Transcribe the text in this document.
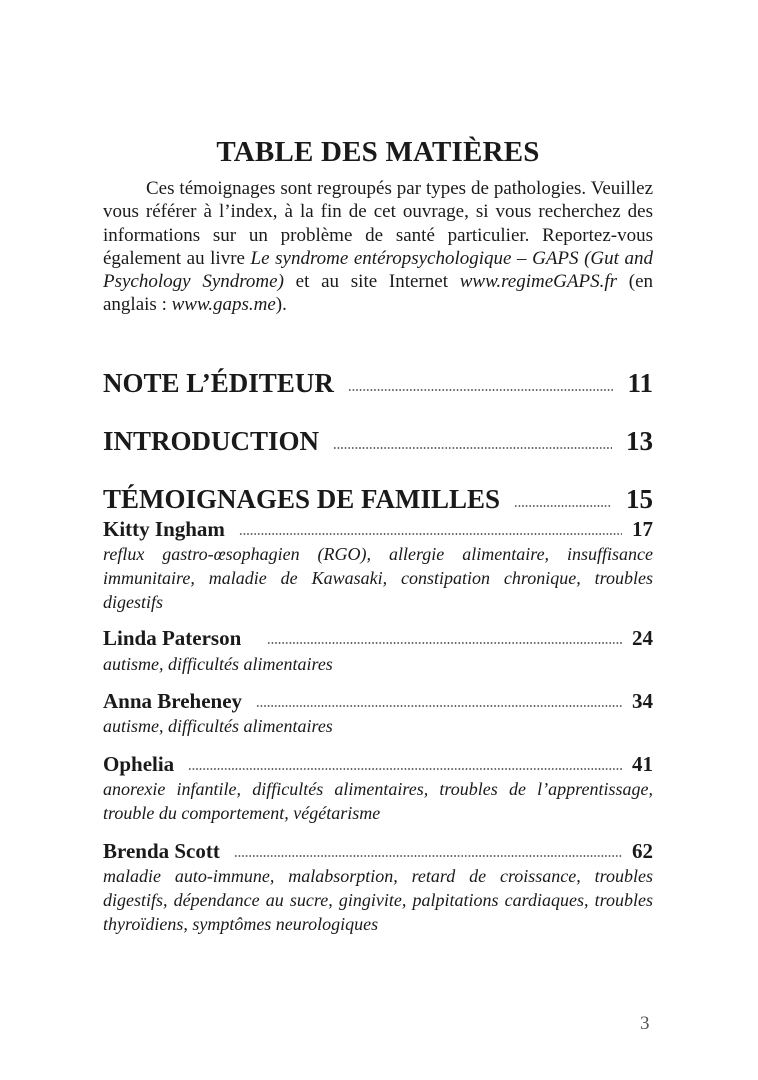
TABLE DES MATIÈRES

Ces témoignages sont regroupés par types de pathologies. Veuillez vous référer à l’index, à la fin de cet ouvrage, si vous recherchez des informations sur un problème de santé particulier. Reportez-vous également au livre Le syndrome entéropsychologique – GAPS (Gut and Psychology Syndrome) et au site Internet www.regimeGAPS.fr (en anglais : www.gaps.me).

NOTE L’ÉDITEUR	11
INTRODUCTION	13
TÉMOIGNAGES DE FAMILLES	15
Kitty Ingham	17

reflux gastro-œsophagien (RGO), allergie alimentaire, insuffisance immunitaire, maladie de Kawasaki, constipation chronique, troubles digestifs

Linda Paterson	24

autisme, difficultés alimentaires

Anna Breheney	34

autisme, difficultés alimentaires

Ophelia	41

anorexie infantile, difficultés alimentaires, troubles de l’apprentissage, trouble du comportement, végétarisme

Brenda Scott	62

maladie auto-immune, malabsorption, retard de croissance, troubles digestifs, dépendance au sucre, gingivite, palpitations cardiaques, troubles thyroïdiens, symptômes neurologiques

3
